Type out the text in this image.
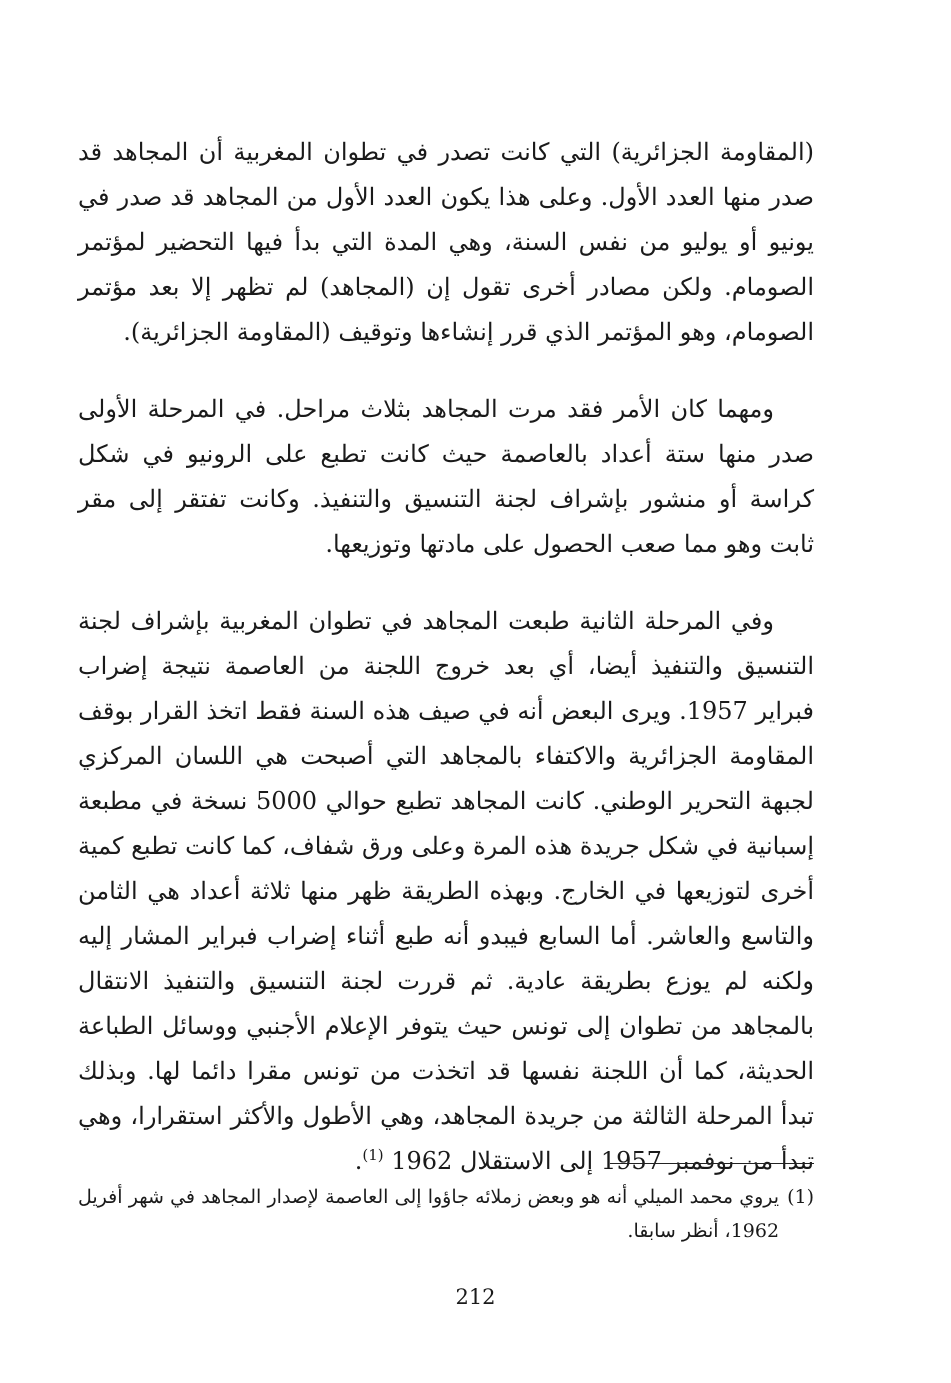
(المقاومة الجزائرية) التي كانت تصدر في تطوان المغربية أن المجاهد قد صدر منها العدد الأول. وعلى هذا يكون العدد الأول من المجاهد قد صدر في يونيو أو يوليو من نفس السنة، وهي المدة التي بدأ فيها التحضير لمؤتمر الصومام. ولكن مصادر أخرى تقول إن (المجاهد) لم تظهر إلا بعد مؤتمر الصومام، وهو المؤتمر الذي قرر إنشاءها وتوقيف (المقاومة الجزائرية).

ومهما كان الأمر فقد مرت المجاهد بثلاث مراحل. في المرحلة الأولى صدر منها ستة أعداد بالعاصمة حيث كانت تطبع على الرونيو في شكل كراسة أو منشور بإشراف لجنة التنسيق والتنفيذ. وكانت تفتقر إلى مقر ثابت وهو مما صعب الحصول على مادتها وتوزيعها.

وفي المرحلة الثانية طبعت المجاهد في تطوان المغربية بإشراف لجنة التنسيق والتنفيذ أيضا، أي بعد خروج اللجنة من العاصمة نتيجة إضراب فبراير 1957. ويرى البعض أنه في صيف هذه السنة فقط اتخذ القرار بوقف المقاومة الجزائرية والاكتفاء بالمجاهد التي أصبحت هي اللسان المركزي لجبهة التحرير الوطني. كانت المجاهد تطبع حوالي 5000 نسخة في مطبعة إسبانية في شكل جريدة هذه المرة وعلى ورق شفاف، كما كانت تطبع كمية أخرى لتوزيعها في الخارج. وبهذه الطريقة ظهر منها ثلاثة أعداد هي الثامن والتاسع والعاشر. أما السابع فيبدو أنه طبع أثناء إضراب فبراير المشار إليه ولكنه لم يوزع بطريقة عادية. ثم قررت لجنة التنسيق والتنفيذ الانتقال بالمجاهد من تطوان إلى تونس حيث يتوفر الإعلام الأجنبي ووسائل الطباعة الحديثة، كما أن اللجنة نفسها قد اتخذت من تونس مقرا دائما لها. وبذلك تبدأ المرحلة الثالثة من جريدة المجاهد، وهي الأطول والأكثر استقرارا، وهي تبدأ من نوفمبر 1957 إلى الاستقلال 1962 $^{(1)}$.

(1)
يروي محمد الميلي أنه هو وبعض زملائه جاؤوا إلى العاصمة لإصدار المجاهد في شهر أفريل 1962، أنظر سابقا.
212
